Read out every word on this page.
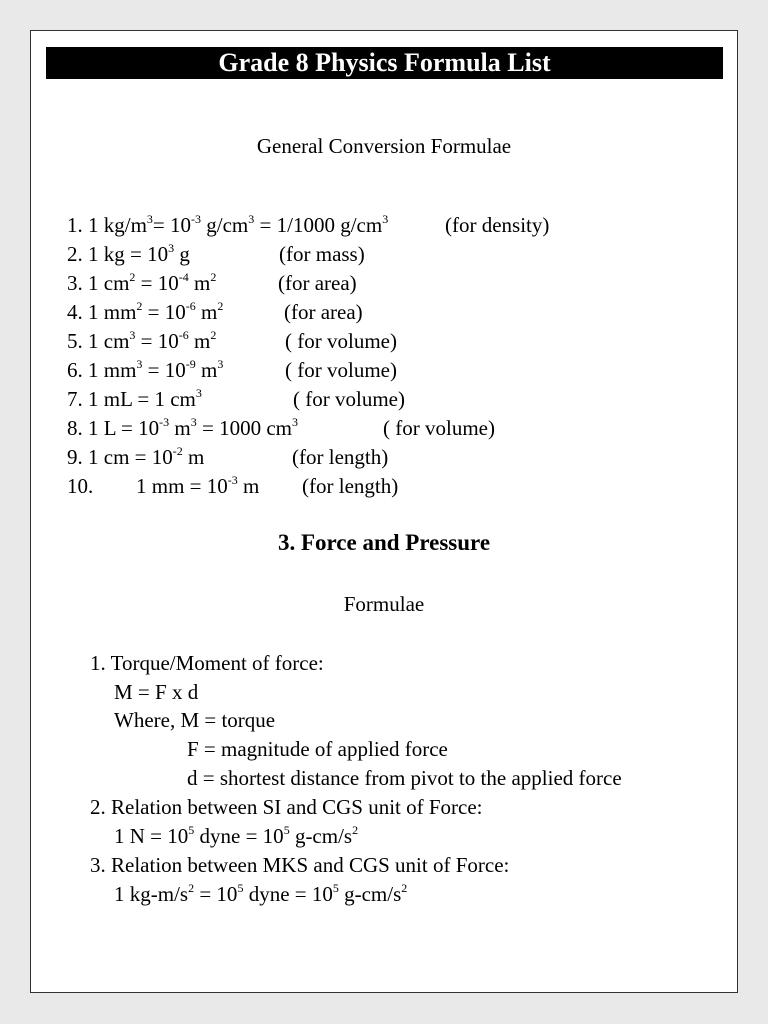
Grade 8 Physics Formula List
General Conversion Formulae
1. 1 $kg/m^3= 10^{-3}$ $g/cm^3 = 1/1000$ $g/cm^3$	(for density)
2. 1 kg = $10^3$ g	(for mass)
3. 1 $cm^2 = 10^{-4}$ $m^2$	(for area)
4. 1 $mm^2 = 10^{-6}$ $m^2$	(for area)
5. 1 $cm^3 = 10^{-6}$ $m^2$	( for volume)
6. 1 $mm^3 = 10^{-9}$ $m^3$	( for volume)
7. 1 mL = 1 $cm^3$	( for volume)
8. 1 $L = 10^{-3}$ $m^3 = 1000$ $cm^3$	( for volume)
9. 1 cm = $10^{-2}$ m	(for length)
10. 1 mm = $10^{-3}$ m (for length)
3. Force and Pressure
Formulae
1. Torque/Moment of force:
M = F x d
Where, M = torque
F = magnitude of applied force
d = shortest distance from pivot to the applied force
2. Relation between SI and CGS unit of Force:
1 $N = 10^5$ dyne = $10^5$ $g-cm/s^2$
3. Relation between MKS and CGS unit of Force:
1 $kg-m/s^2 = 10^5$ dyne = $10^5$ $g-cm/s^2$
